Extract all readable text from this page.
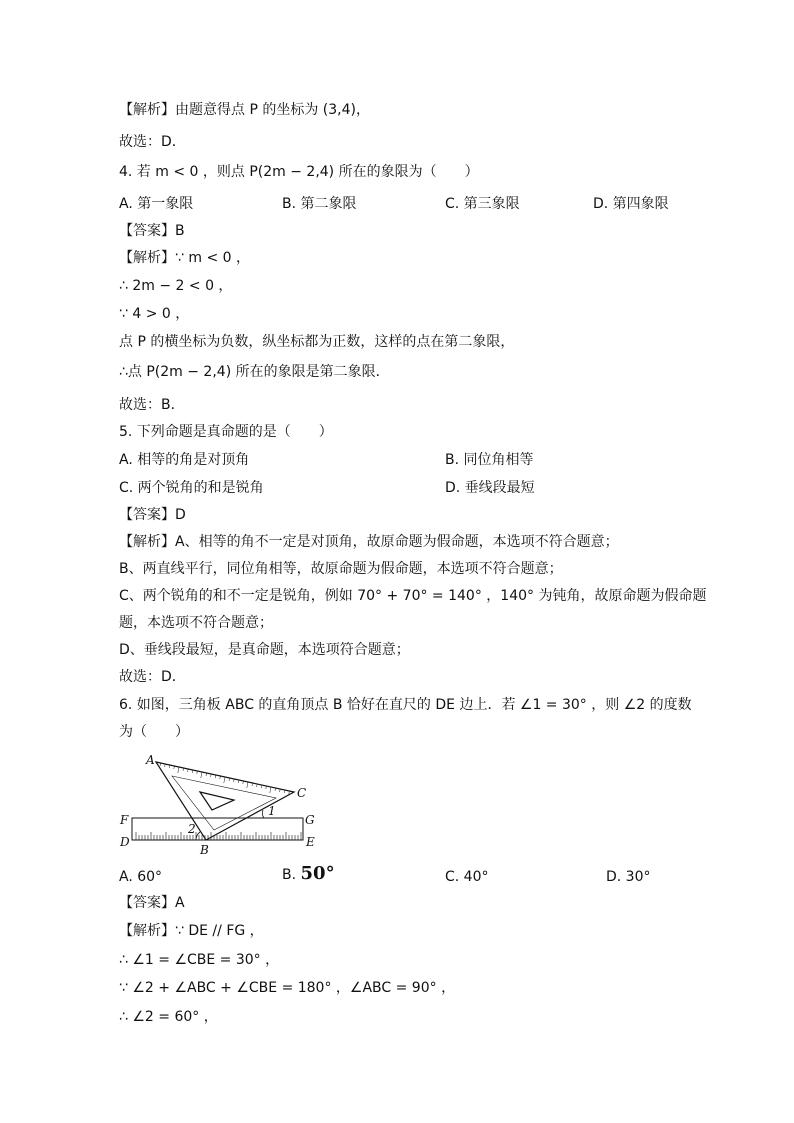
【解析】由题意得点 P 的坐标为 (3,4)，
故选：D．
4. 若 m < 0 ，则点 P(2m − 2,4) 所在的象限为（　　）
A. 第一象限	B. 第二象限	C. 第三象限	D. 第四象限
【答案】B
【解析】∵ m < 0 ，
∴ 2m − 2 < 0 ，
∵ 4 > 0 ，
点 P 的横坐标为负数，纵坐标都为正数，这样的点在第二象限，
∴点 P(2m − 2,4) 所在的象限是第二象限．
故选：B．
5. 下列命题是真命题的是（　　）
A. 相等的角是对顶角	B. 同位角相等
C. 两个锐角的和是锐角	D. 垂线段最短
【答案】D
【解析】A、相等的角不一定是对顶角，故原命题为假命题，本选项不符合题意；
B、两直线平行，同位角相等，故原命题为假命题，本选项不符合题意；
C、两个锐角的和不一定是锐角，例如 70° + 70° = 140° ，140° 为钝角，故原命题为假命题
题，本选项不符合题意；
D、垂线段最短，是真命题，本选项符合题意；
故选：D．
6. 如图，三角板 ABC 的直角顶点 B 恰好在直尺的 DE 边上．若 ∠1 = 30° ，则 ∠2 的度数
为（　　）
A
C
F	G
D	E
B
1
2
A. 60°	B. 50°	C. 40°	D. 30°
【答案】A
【解析】∵ DE // FG ，
∴ ∠1 = ∠CBE = 30° ，
∵ ∠2 + ∠ABC + ∠CBE = 180° ，∠ABC = 90° ，
∴ ∠2 = 60° ，
